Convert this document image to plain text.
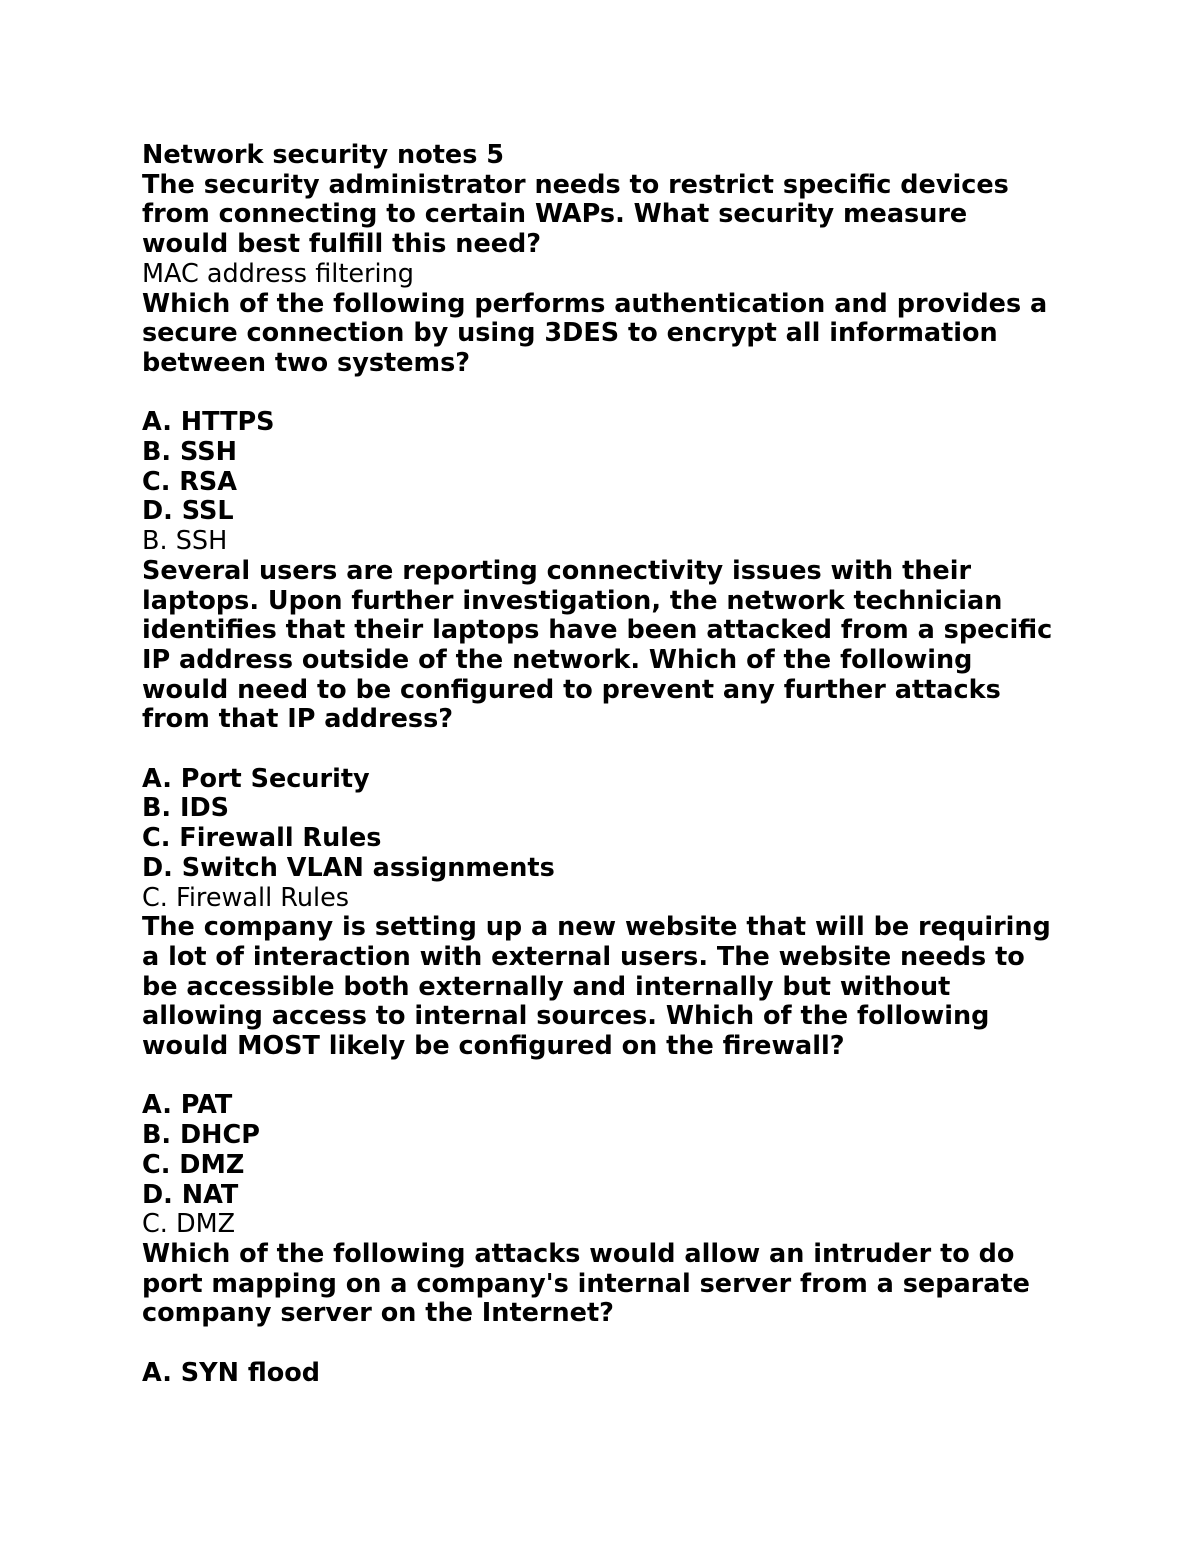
Network security notes 5
The security administrator needs to restrict specific devices
from connecting to certain WAPs. What security measure
would best fulfill this need?
MAC address filtering
Which of the following performs authentication and provides a
secure connection by using 3DES to encrypt all information
between two systems?
A. HTTPS
B. SSH
C. RSA
D. SSL
B. SSH
Several users are reporting connectivity issues with their
laptops. Upon further investigation, the network technician
identifies that their laptops have been attacked from a specific
IP address outside of the network. Which of the following
would need to be configured to prevent any further attacks
from that IP address?
A. Port Security
B. IDS
C. Firewall Rules
D. Switch VLAN assignments
C. Firewall Rules
The company is setting up a new website that will be requiring
a lot of interaction with external users. The website needs to
be accessible both externally and internally but without
allowing access to internal sources. Which of the following
would MOST likely be configured on the firewall?
A. PAT
B. DHCP
C. DMZ
D. NAT
C. DMZ
Which of the following attacks would allow an intruder to do
port mapping on a company's internal server from a separate
company server on the Internet?
A. SYN flood
